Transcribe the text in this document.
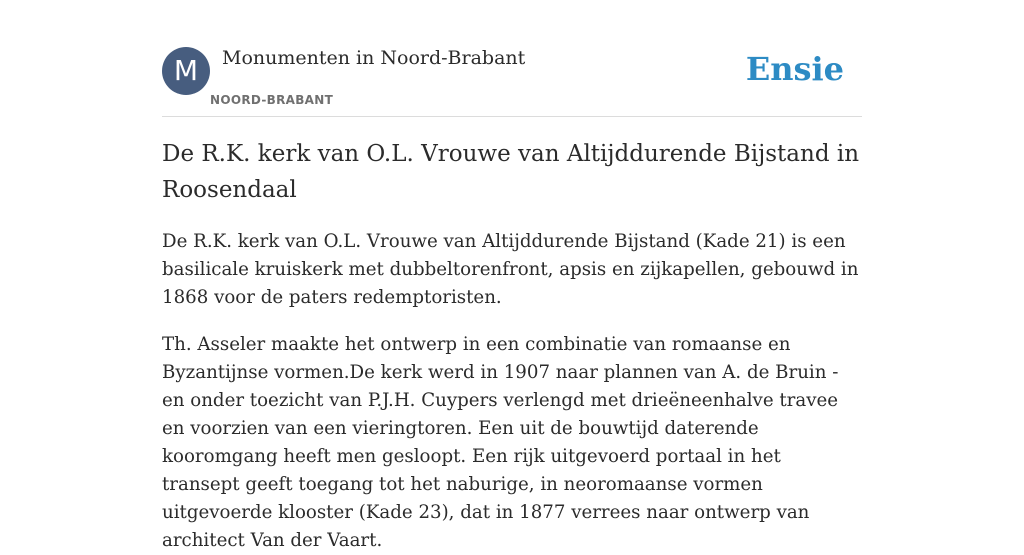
M	Monumenten in Noord-Brabant
NOORD-BRABANT
Ensie
De R.K. kerk van O.L. Vrouwe van Altijddurende Bijstand in Roosendaal

De R.K. kerk van O.L. Vrouwe van Altijddurende Bijstand (Kade 21) is een basilicale kruiskerk met dubbeltorenfront, apsis en zijkapellen, gebouwd in 1868 voor de paters redemptoristen.

Th. Asseler maakte het ontwerp in een combinatie van romaanse en Byzantijnse vormen.De kerk werd in 1907 naar plannen van A. de Bruin - en onder toezicht van P.J.H. Cuypers verlengd met drieëneenhalve travee en voorzien van een vieringtoren. Een uit de bouwtijd daterende kooromgang heeft men gesloopt. Een rijk uitgevoerd portaal in het transept geeft toegang tot het naburige, in neoromaanse vormen uitgevoerde klooster (Kade 23), dat in 1877 verrees naar ontwerp van architect Van der Vaart.
